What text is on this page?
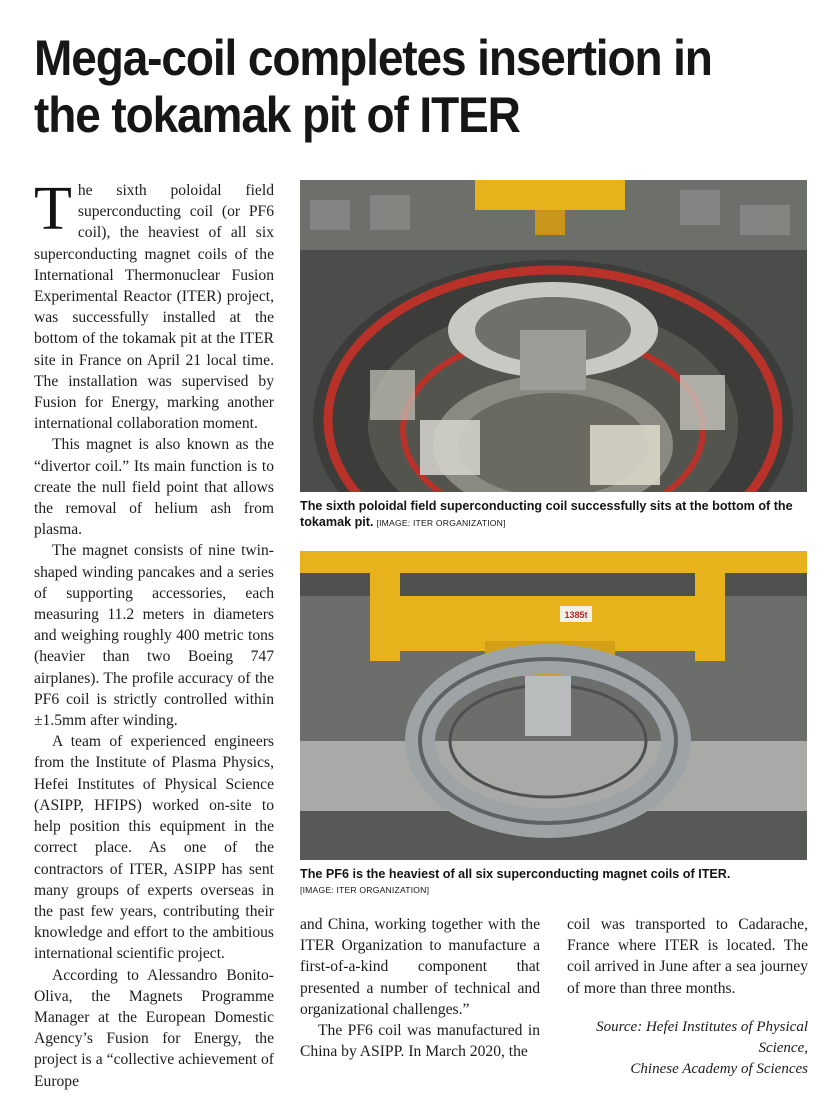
Mega-coil completes insertion in the tokamak pit of ITER

The sixth poloidal field superconducting coil (or PF6 coil), the heaviest of all six superconducting magnet coils of the International Thermonuclear Fusion Experimental Reactor (ITER) project, was successfully installed at the bottom of the tokamak pit at the ITER site in France on April 21 local time. The installation was supervised by Fusion for Energy, marking another international collaboration moment.

This magnet is also known as the “divertor coil.” Its main function is to create the null field point that allows the removal of helium ash from plasma.

The magnet consists of nine twin-shaped winding pancakes and a series of supporting accessories, each measuring 11.2 meters in diameters and weighing roughly 400 metric tons (heavier than two Boeing 747 airplanes). The profile accuracy of the PF6 coil is strictly controlled within ±1.5mm after winding.

A team of experienced engineers from the Institute of Plasma Physics, Hefei Institutes of Physical Science (ASIPP, HFIPS) worked on-site to help position this equipment in the correct place. As one of the contractors of ITER, ASIPP has sent many groups of experts overseas in the past few years, contributing their knowledge and effort to the ambitious international scientific project.

According to Alessandro Bonito-Oliva, the Magnets Programme Manager at the European Domestic Agency’s Fusion for Energy, the project is a “collective achievement of Europe

The sixth poloidal field superconducting coil successfully sits at the bottom of the tokamak pit. [IMAGE: ITER ORGANIZATION]
1385t
The PF6 is the heaviest of all six superconducting magnet coils of ITER.
[IMAGE: ITER ORGANIZATION]

and China, working together with the ITER Organization to manufacture a first-of-a-kind component that presented a number of technical and organizational challenges.”

The PF6 coil was manufactured in China by ASIPP. In March 2020, the

coil was transported to Cadarache, France where ITER is located. The coil arrived in June after a sea journey of more than three months.

Source: Hefei Institutes of Physical Science,
Chinese Academy of Sciences
